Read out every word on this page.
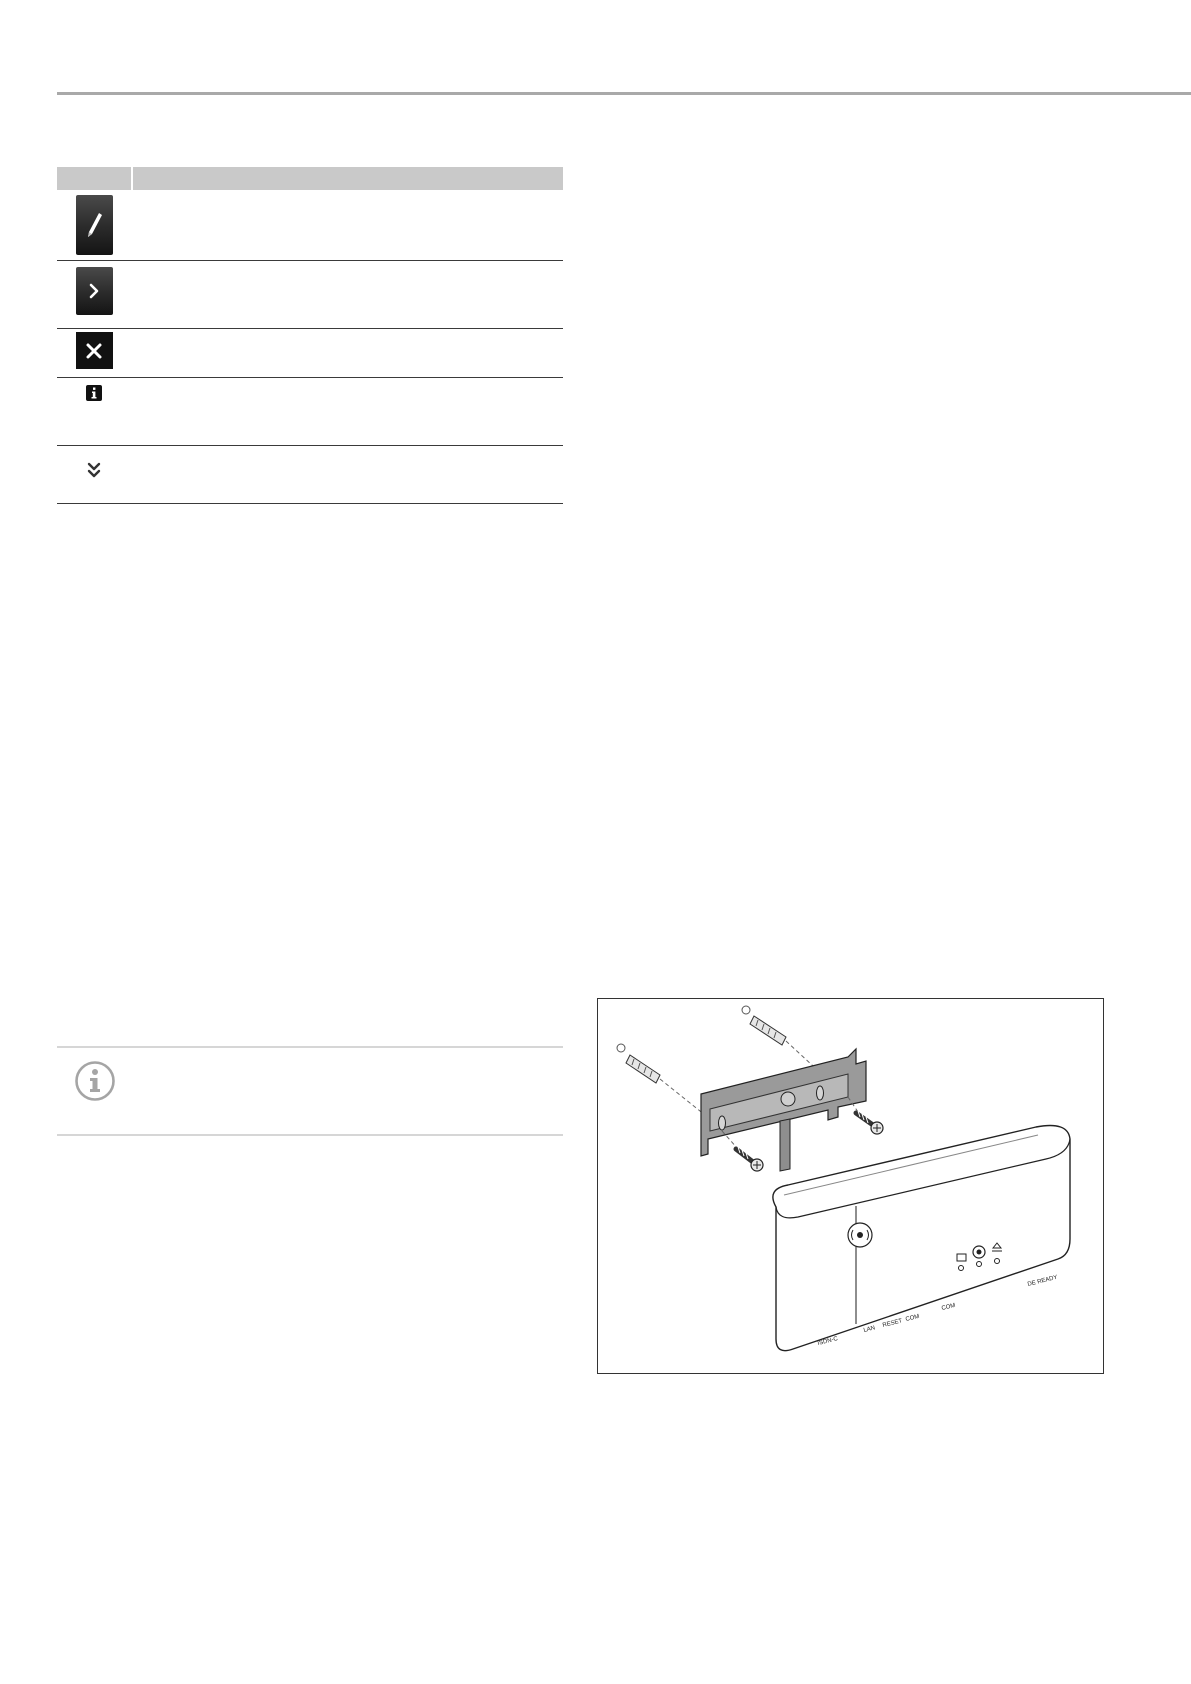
ISDN-C
LAN
RESET COM
COM
DE READY
